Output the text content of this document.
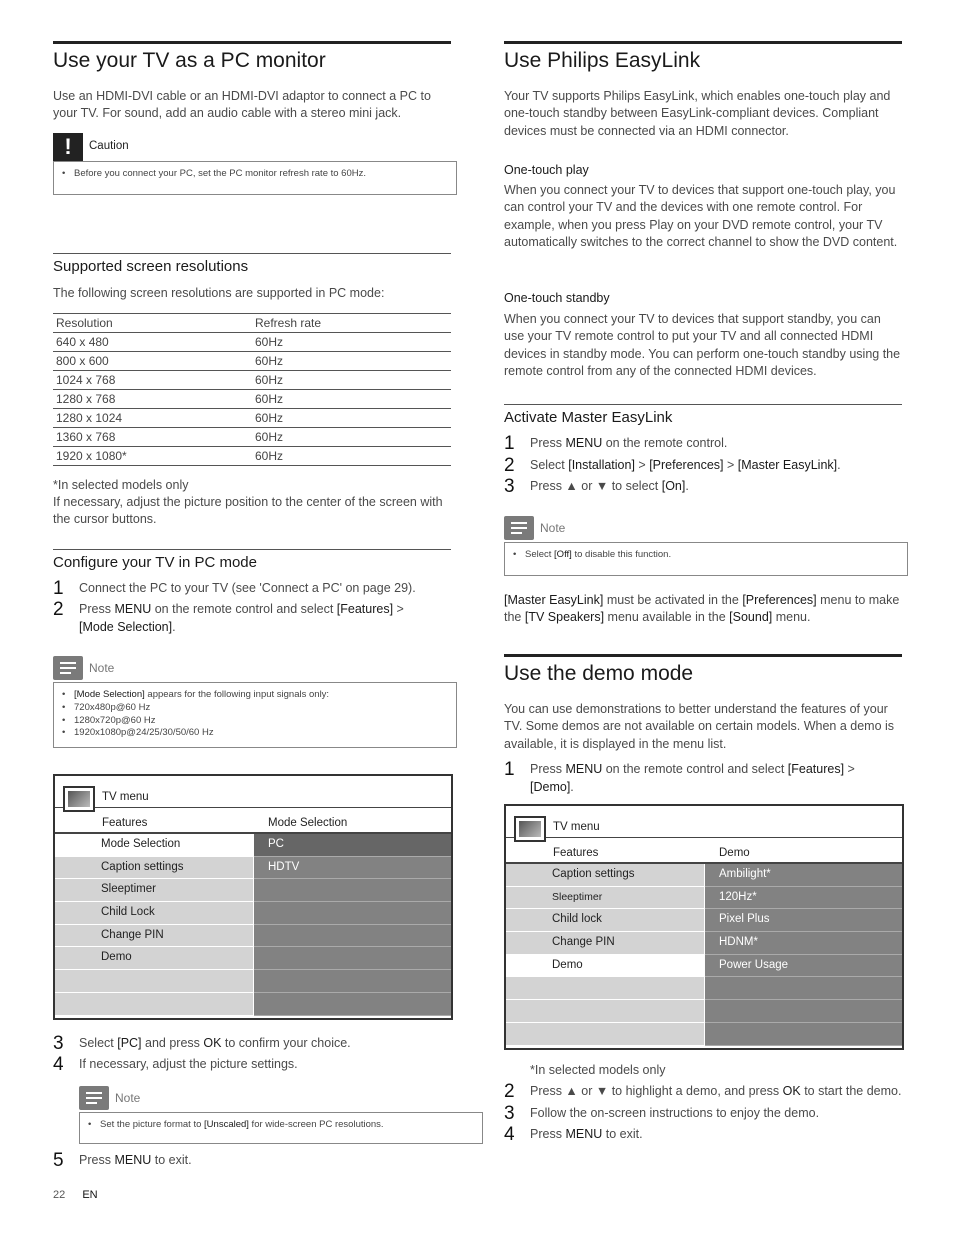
Use your TV as a PC monitor
Use an HDMI-DVI cable or an HDMI-DVI adaptor to connect a PC to your TV. For sound, add an audio cable with a stereo mini jack.
!	Caution
• Before you connect your PC, set the PC monitor refresh rate to 60Hz.
Supported screen resolutions
The following screen resolutions are supported in PC mode:
Resolution	Refresh rate
640 x 480	60Hz
800 x 600	60Hz
1024 x 768	60Hz
1280 x 768	60Hz
1280 x 1024	60Hz
1360 x 768	60Hz
1920 x 1080*	60Hz
*In selected models only
If necessary, adjust the picture position to the center of the screen with the cursor buttons.
Configure your TV in PC mode
1	Connect the PC to your TV (see 'Connect a PC' on page 29).
2	Press MENU on the remote control and select [Features] >
[Mode Selection].
Note
• [Mode Selection] appears for the following input signals only:
• 720x480p@60 Hz
• 1280x720p@60 Hz
• 1920x1080p@24/25/30/50/60 Hz
TV menu
Features	Mode Selection
Mode Selection	PC
Caption settings	HDTV
Sleeptimer
Child Lock
Change PIN
Demo
3	Select [PC] and press OK to confirm your choice.
4	If necessary, adjust the picture settings.
Note
• Set the picture format to [Unscaled] for wide-screen PC resolutions.
5	Press MENU to exit.
22 EN
Use Philips EasyLink
Your TV supports Philips EasyLink, which enables one-touch play and one-touch standby between EasyLink-compliant devices. Compliant devices must be connected via an HDMI connector.
One-touch play
When you connect your TV to devices that support one-touch play, you can control your TV and the devices with one remote control. For example, when you press Play on your DVD remote control, your TV automatically switches to the correct channel to show the DVD content.
One-touch standby
When you connect your TV to devices that support standby, you can use your TV remote control to put your TV and all connected HDMI devices in standby mode. You can perform one-touch standby using the remote control from any of the connected HDMI devices.
Activate Master EasyLink
1	Press MENU on the remote control.
2	Select [Installation] > [Preferences] > [Master EasyLink].
3	Press ▲ or ▼ to select [On].
Note
• Select [Off] to disable this function.
[Master EasyLink] must be activated in the [Preferences] menu to make the [TV Speakers] menu available in the [Sound] menu.
Use the demo mode
You can use demonstrations to better understand the features of your TV. Some demos are not available on certain models. When a demo is available, it is displayed in the menu list.
1	Press MENU on the remote control and select [Features] >
[Demo].
TV menu
Features	Demo
Caption settings	Ambilight*
Sleeptimer	120Hz*
Child lock	Pixel Plus
Change PIN	HDNM*
Demo	Power Usage
*In selected models only
2	Press ▲ or ▼ to highlight a demo, and press OK to start the demo.
3	Follow the on-screen instructions to enjoy the demo.
4	Press MENU to exit.
